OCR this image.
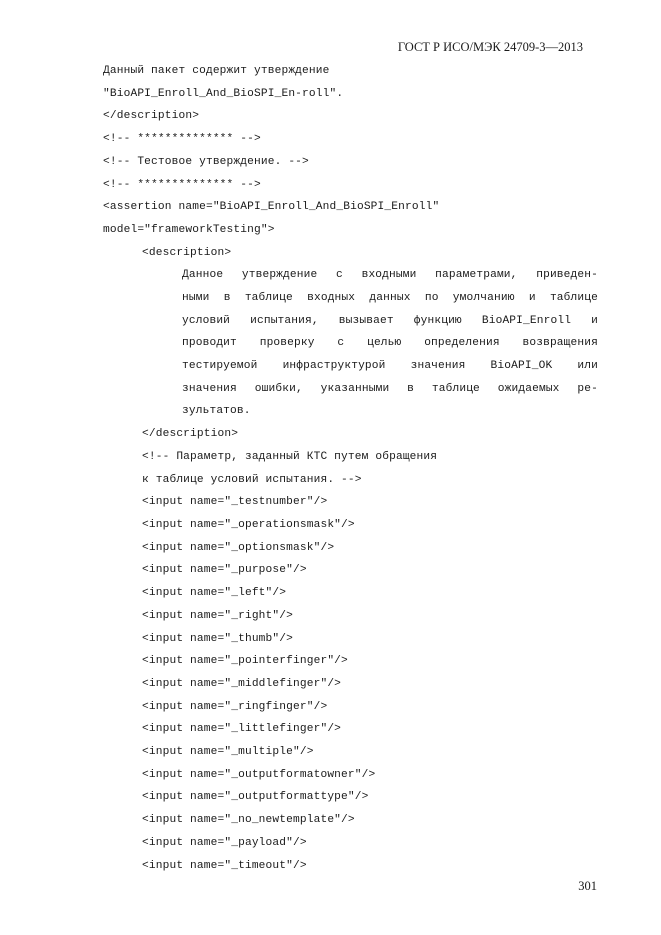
ГОСТ Р ИСО/МЭК 24709-3—2013
Данный пакет содержит утверждение
"BioAPI_Enroll_And_BioSPI_En-roll".
</description>
<!-- ************** -->
<!-- Тестовое утверждение. -->
<!-- ************** -->
<assertion name="BioAPI_Enroll_And_BioSPI_Enroll"
model="frameworkTesting">
<description>
Данное утверждение с входными параметрами, приведен-
ными в таблице входных данных по умолчанию и таблице
условий испытания, вызывает функцию BioAPI_Enroll и
проводит проверку с целью определения возвращения
тестируемой инфраструктурой значения BioAPI_OK или
значения ошибки, указанными в таблице ожидаемых ре-
зультатов.
</description>
<!-- Параметр, заданный КТС путем обращения
к таблице условий испытания. -->
<input name="_testnumber"/>
<input name="_operationsmask"/>
<input name="_optionsmask"/>
<input name="_purpose"/>
<input name="_left"/>
<input name="_right"/>
<input name="_thumb"/>
<input name="_pointerfinger"/>
<input name="_middlefinger"/>
<input name="_ringfinger"/>
<input name="_littlefinger"/>
<input name="_multiple"/>
<input name="_outputformatowner"/>
<input name="_outputformattype"/>
<input name="_no_newtemplate"/>
<input name="_payload"/>
<input name="_timeout"/>
301
